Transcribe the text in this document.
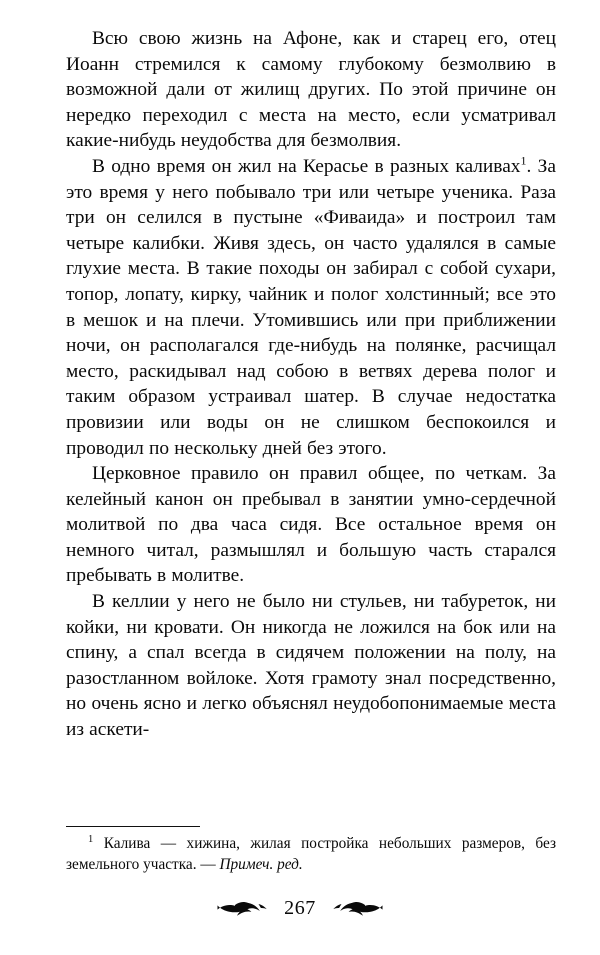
Всю свою жизнь на Афоне, как и старец его, отец Иоанн стремился к самому глубокому безмолвию в возможной дали от жилищ других. По этой причине он нередко переходил с места на место, если усматривал какие-нибудь неудобства для безмолвия.

В одно время он жил на Керасье в разных каливах$^1$. За это время у него побывало три или четыре ученика. Раза три он селился в пустыне «Фиваида» и построил там четыре калибки. Живя здесь, он часто удалялся в самые глухие места. В такие походы он забирал с собой сухари, топор, лопату, кирку, чайник и полог холстинный; все это в мешок и на плечи. Утомившись или при приближении ночи, он располагался где-нибудь на полянке, расчищал место, раскидывал над собою в ветвях дерева полог и таким образом устраивал шатер. В случае недостатка провизии или воды он не слишком беспокоился и проводил по нескольку дней без этого.

Церковное правило он правил общее, по четкам. За келейный канон он пребывал в занятии умно-сердечной молитвой по два часа сидя. Все остальное время он немного читал, размышлял и большую часть старался пребывать в молитве.

В келлии у него не было ни стульев, ни табуреток, ни койки, ни кровати. Он никогда не ложился на бок или на спину, а спал всегда в сидячем положении на полу, на разостланном войлоке. Хотя грамоту знал посредственно, но очень ясно и легко объяснял неудобопонимаемые места из аскети-

$^1$ Калива — хижина, жилая постройка небольших размеров, без земельного участка. — Примеч. ред.

267
